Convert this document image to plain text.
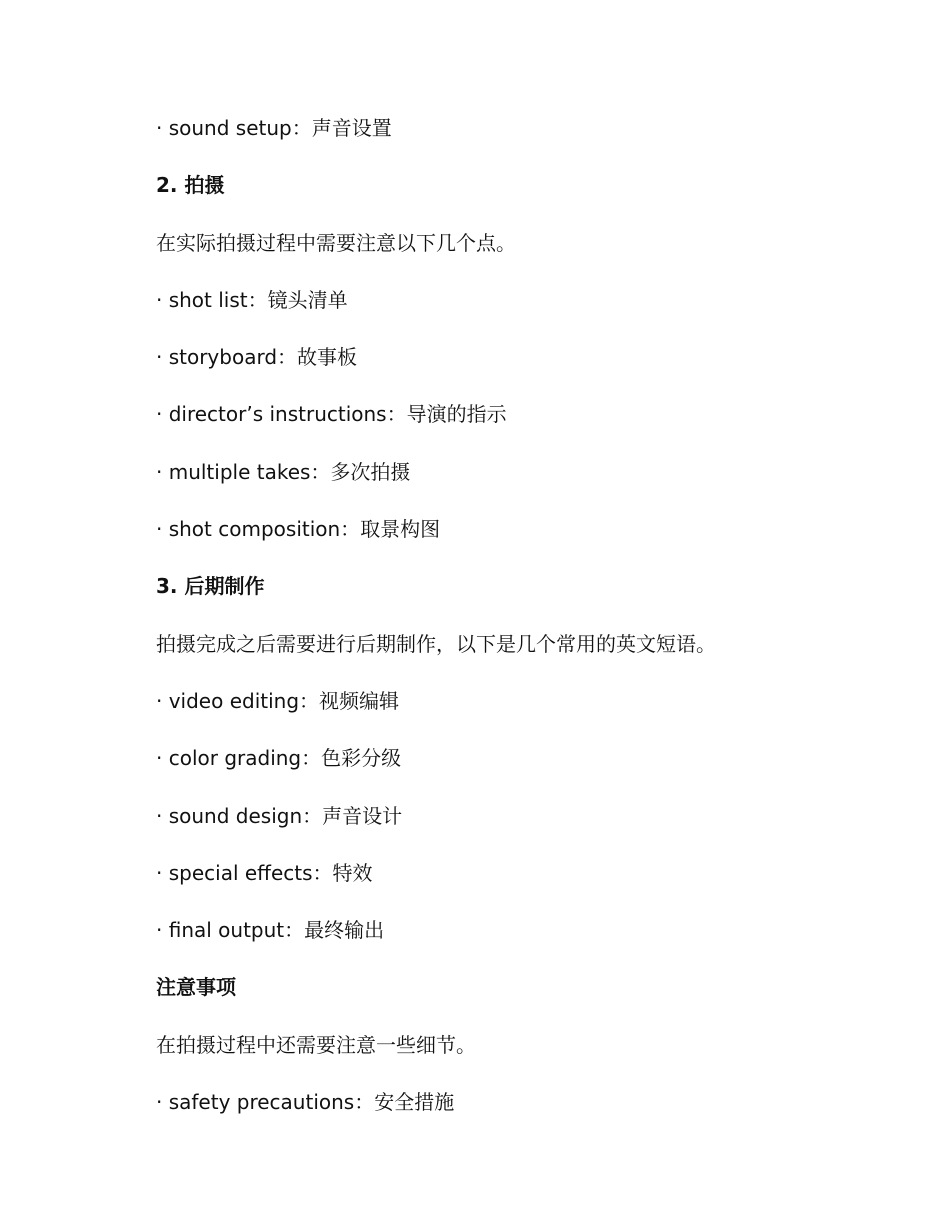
· sound setup：声音设置
2. 拍摄
在实际拍摄过程中需要注意以下几个点。
· shot list：镜头清单
· storyboard：故事板
· director’s instructions：导演的指示
· multiple takes：多次拍摄
· shot composition：取景构图
3. 后期制作
拍摄完成之后需要进行后期制作，以下是几个常用的英文短语。
· video editing：视频编辑
· color grading：色彩分级
· sound design：声音设计
· special effects：特效
· final output：最终输出
注意事项
在拍摄过程中还需要注意一些细节。
· safety precautions：安全措施
